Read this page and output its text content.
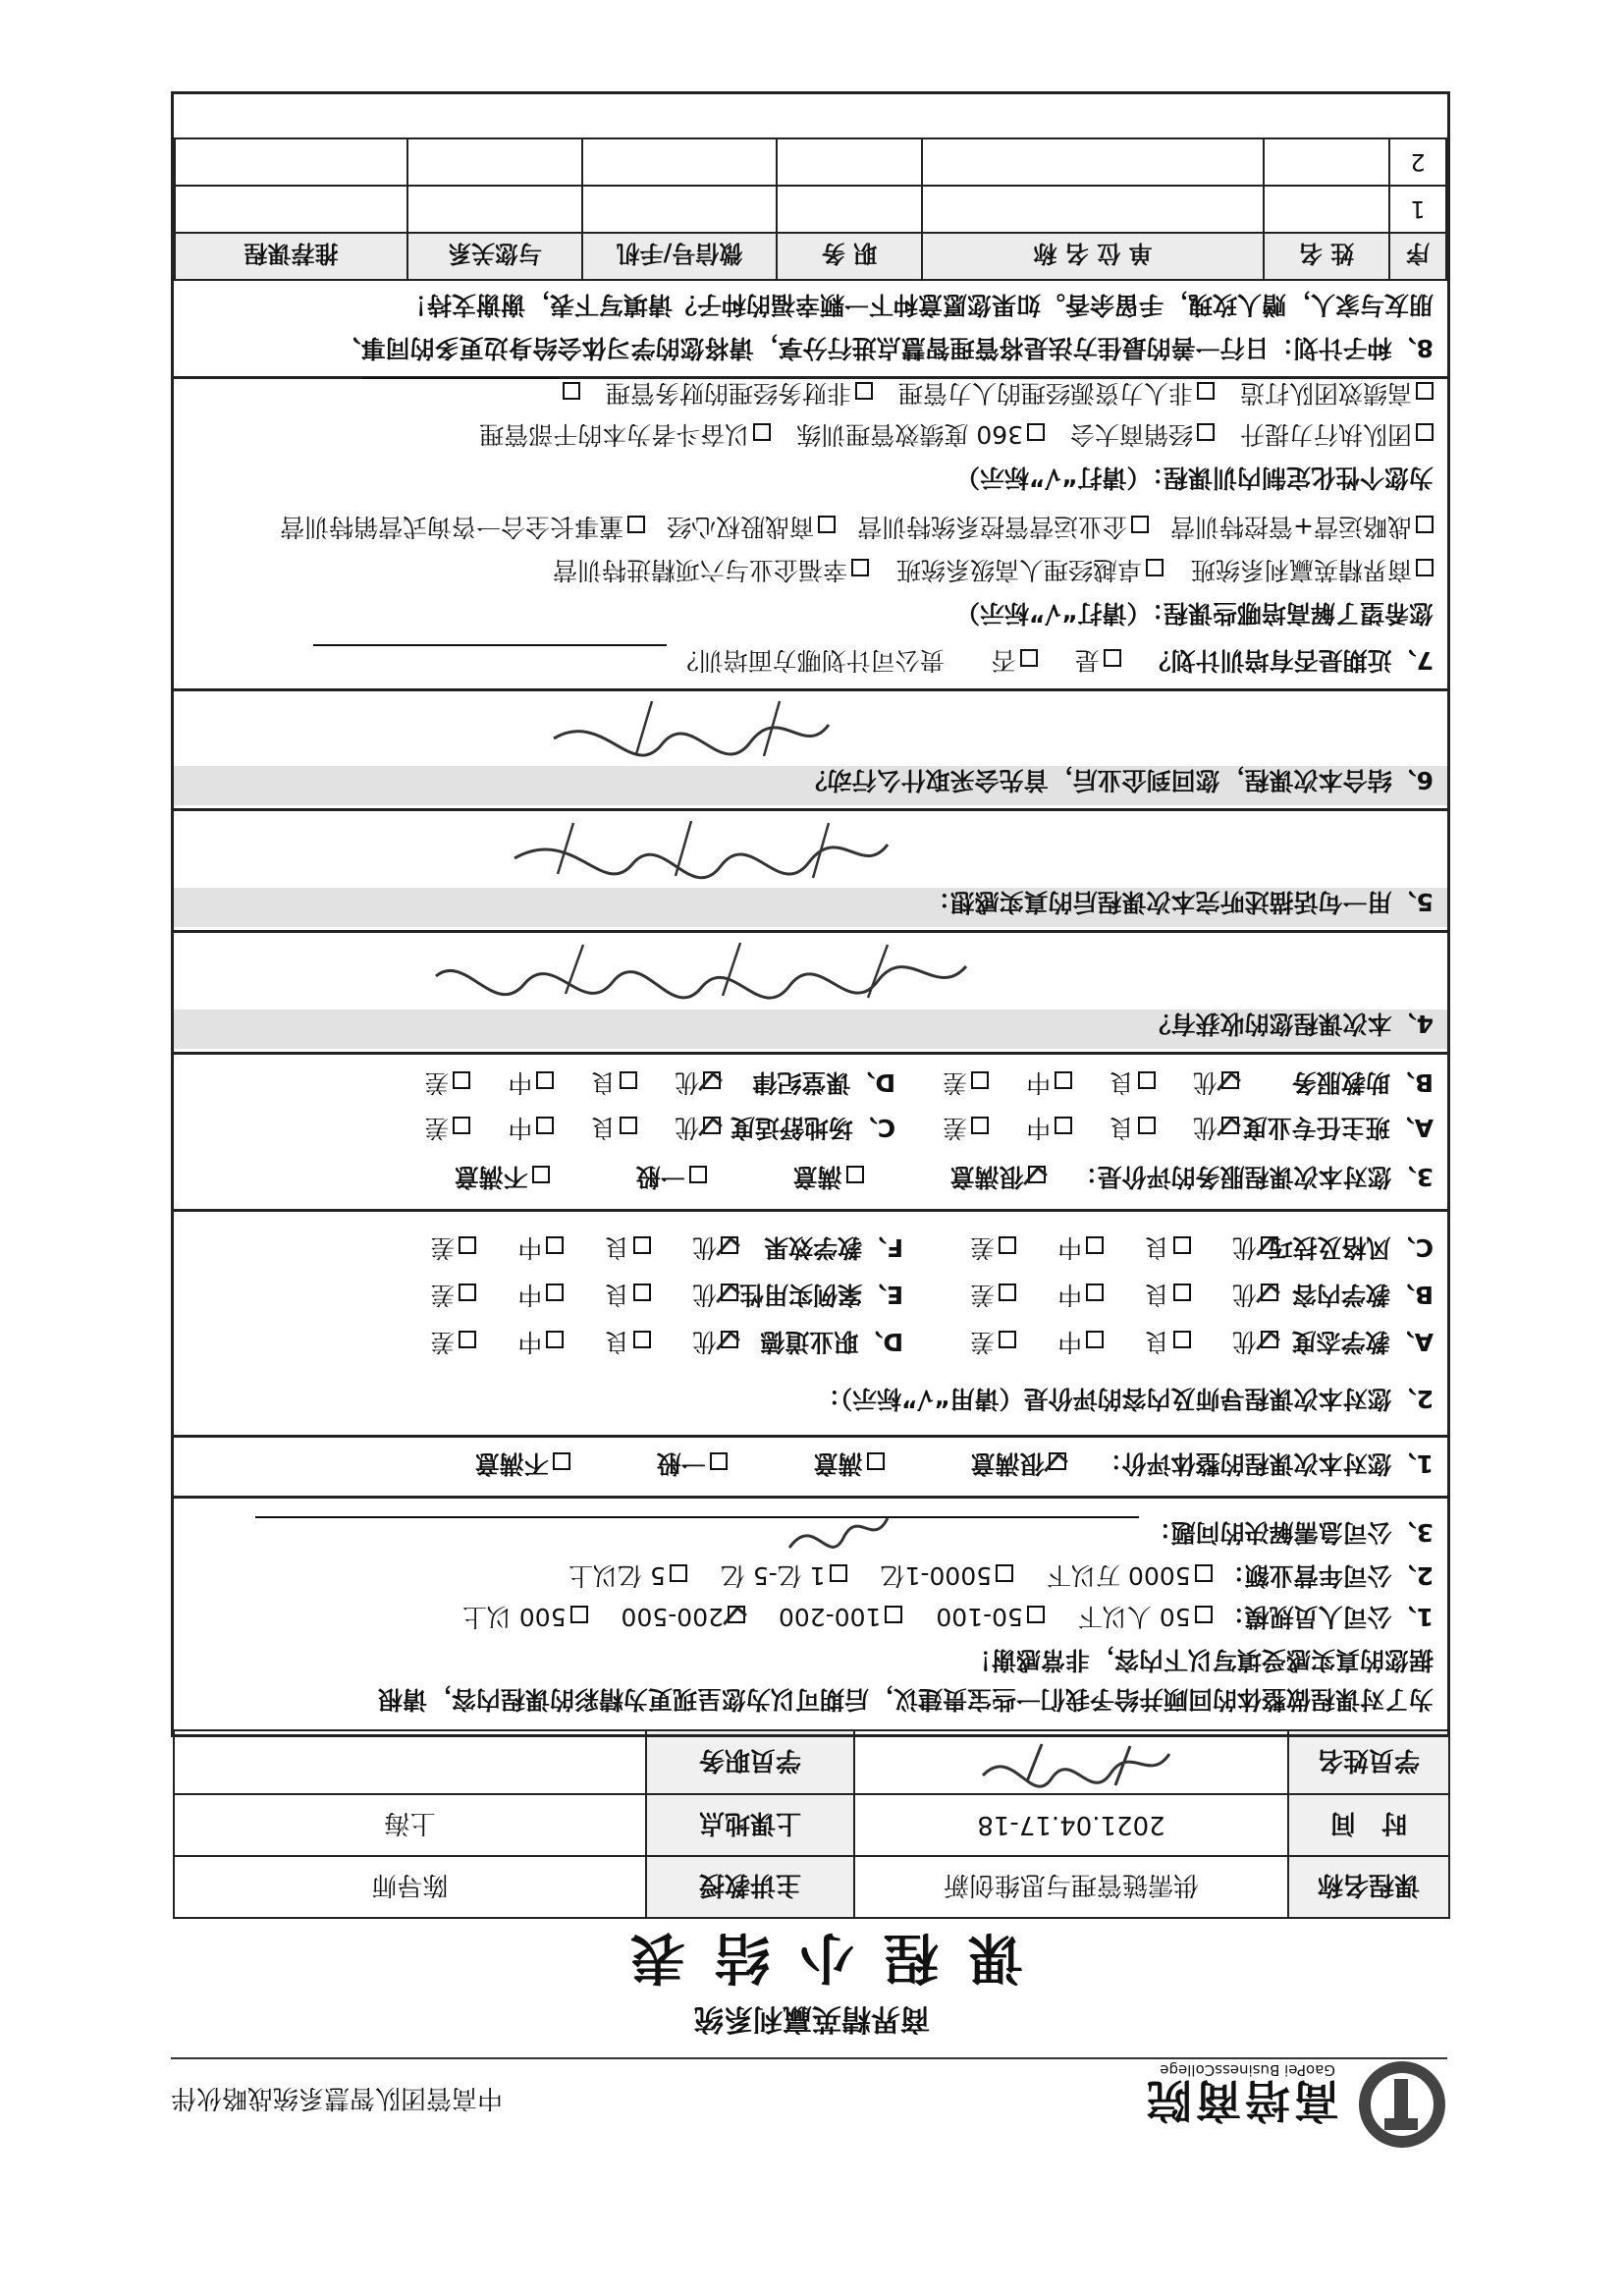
高培商院
GaoPei BusinessCollege
中高管团队智慧系统战略伙伴
商界精英赢利系统
课程小结表
课程名称	供需链管理与思维创新	主讲教授	陈导师
时　间	2021.04.17-18	上课地点	上海
学员姓名		学员职务	
为了对课程做整体的回顾并给予我们一些宝贵建议，后期可以为您呈现更为精彩的课程内容，请根
据您的真实感受填写以下内容，非常感谢！
1、公司人员规模： 50 人以下 50-100 100-200 200-500 500 以上
2、公司年营业额： 5000 万以下 5000-1亿 1 亿-5 亿 5 亿以上
3、公司急需解决的问题：
1、您对本次课程的整体评价： 很满意 满意 一般 不满意
2、您对本次课程导师及内容的评价是（请用“√”标示）：
A、教学态度 优 良 中 差 D、职业道德 优 良 中 差
B、教学内容 优 良 中 差 E、案例实用性 优 良 中 差
C、风格及技巧 优 良 中 差 F、教学效果 优 良 中 差
3、您对本次课程服务的评价是： 很满意 满意 一般 不满意
A、班主任专业度 优 良 中 差 C、场地舒适度 优 良 中 差
B、助教服务 优 良 中 差 D、课堂纪律 优 良 中 差
4、本次课程您的收获有？
5、用一句话描述听完本次课程后的真实感想：
6、结合本次课程，您回到企业后，首先会采取什么行动？
7、近期是否有培训计划？ 是 否 贵公司计划哪方面培训？
您希望了解高培哪些课程：（请打“√”标示）
商界精英赢利系统班 卓越经理人高级系统班 幸福企业与六项精进特训营
战略运营+管控特训营 企业运营管控系统特训营 商战股权心经 董事长全合一咨询式营销特训营
为您个性化定制内训课程：（请打“√”标示）
团队执行力提升 经销商大会 360 度绩效管理训练 以奋斗者为本的干部管理
高绩效团队打造 非人力资源经理的人力管理 非财务经理的财务管理
8、种子计划：日行一善的最佳方法是将管理智慧点进行分享，请将您的学习体会给身边更多的同事、
朋友与家人，赠人玫瑰，手留余香。如果您愿意种下一颗幸福的种子？请填写下表，谢谢支持！
序	姓 名	单 位 名 称	职 务	微信号/手机	与您关系	推荐课程
1						
2						
